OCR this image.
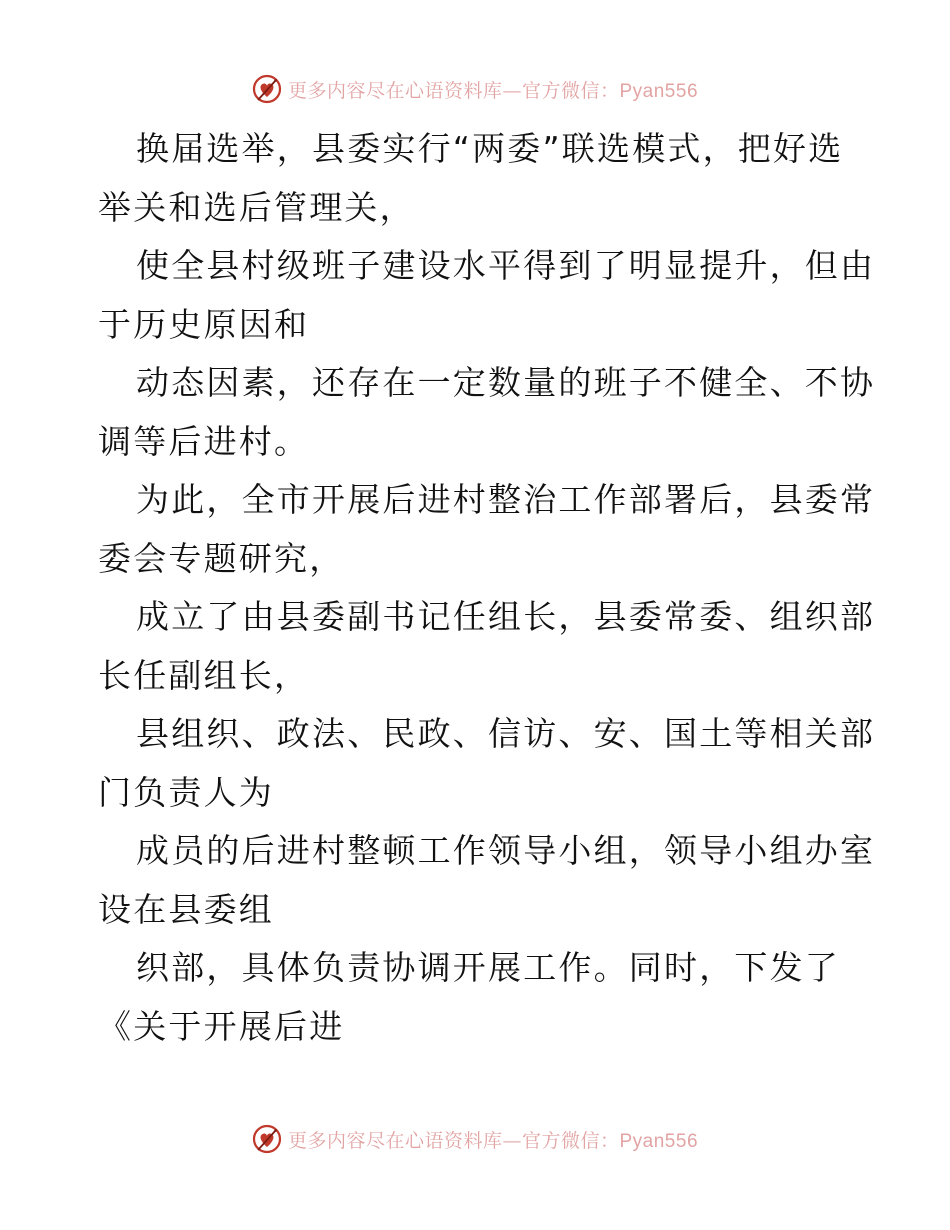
更多内容尽在心语资料库—官方微信：Pyan556
换届选举，县委实行“两委”联选模式，把好选
举关和选后管理关，
使全县村级班子建设水平得到了明显提升，但由
于历史原因和
动态因素，还存在一定数量的班子不健全、不协
调等后进村。
为此，全市开展后进村整治工作部署后，县委常
委会专题研究，
成立了由县委副书记任组长，县委常委、组织部
长任副组长，
县组织、政法、民政、信访、安、国土等相关部
门负责人为
成员的后进村整顿工作领导小组，领导小组办室
设在县委组
织部，具体负责协调开展工作。同时，下发了
《关于开展后进
更多内容尽在心语资料库—官方微信：Pyan556
